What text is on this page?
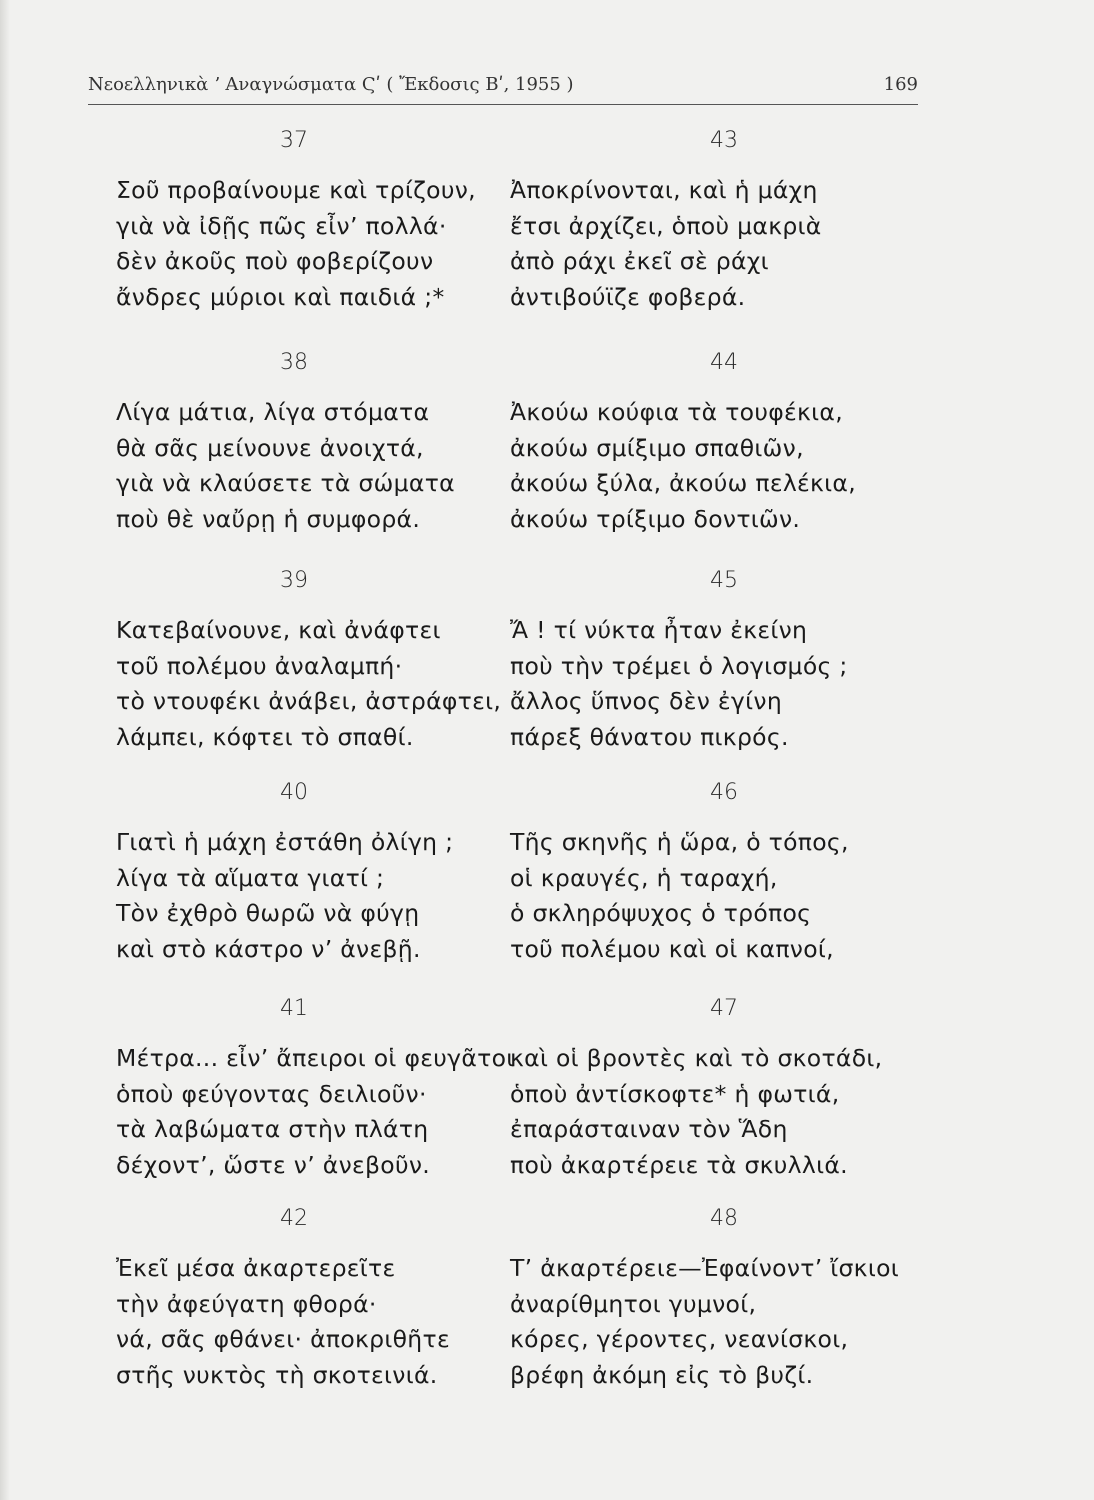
Νεοελληνικὰ ʼ Αναγνώσματα Ϛʹ ( Ἔκδοσις Βʹ, 1955 )	169
37
Σοῦ προβαίνουμε καὶ τρίζουν,
γιὰ νὰ ἰδῇς πῶς εἶν’ πολλά·
δὲν ἀκοῦς ποὺ φοβερίζουν
ἄνδρες μύριοι καὶ παιδιά ;*
38
Λίγα μάτια, λίγα στόματα
θὰ σᾶς μείνουνε ἀνοιχτά,
γιὰ νὰ κλαύσετε τὰ σώματα
ποὺ θὲ ναὔρῃ ἡ συμφορά.
39
Κατεβαίνουνε, καὶ ἀνάφτει
τοῦ πολέμου ἀναλαμπή·
τὸ ντουφέκι ἀνάβει, ἀστράφτει,
λάμπει, κόφτει τὸ σπαθί.
40
Γιατὶ ἡ μάχη ἐστάθη ὀλίγη ;
λίγα τὰ αἵματα γιατί ;
Τὸν ἐχθρὸ θωρῶ νὰ φύγῃ
καὶ στὸ κάστρο ν’ ἀνεβῇ.
41
Μέτρα... εἶν’ ἄπειροι οἱ φευγᾶτοι
ὁποὺ φεύγοντας δειλιοῦν·
τὰ λαβώματα στὴν πλάτη
δέχοντ’, ὥστε ν’ ἀνεβοῦν.
42
Ἐκεῖ μέσα ἀκαρτερεῖτε
τὴν ἀφεύγατη φθορά·
νά, σᾶς φθάνει· ἀποκριθῆτε
στῆς νυκτὸς τὴ σκοτεινιά.
43
Ἀποκρίνονται, καὶ ἡ μάχη
ἔτσι ἀρχίζει, ὁποὺ μακριὰ
ἀπὸ ράχι ἐκεῖ σὲ ράχι
ἀντιβούϊζε φοβερά.
44
Ἀκούω κούφια τὰ τουφέκια,
ἀκούω σμίξιμο σπαθιῶν,
ἀκούω ξύλα, ἀκούω πελέκια,
ἀκούω τρίξιμο δοντιῶν.
45
Ἄ ! τί νύκτα ἦταν ἐκείνη
ποὺ τὴν τρέμει ὁ λογισμός ;
ἄλλος ὕπνος δὲν ἐγίνη
πάρεξ θάνατου πικρός.
46
Τῆς σκηνῆς ἡ ὥρα, ὁ τόπος,
οἱ κραυγές, ἡ ταραχή,
ὁ σκληρόψυχος ὁ τρόπος
τοῦ πολέμου καὶ οἱ καπνοί,
47
καὶ οἱ βροντὲς καὶ τὸ σκοτάδι,
ὁποὺ ἀντίσκοφτε* ἡ φωτιά,
ἐπαράσταιναν τὸν Ἅδη
ποὺ ἀκαρτέρειε τὰ σκυλλιά.
48
Τ’ ἀκαρτέρειε—Ἐφαίνοντ’ ἴσκιοι
ἀναρίθμητοι γυμνοί,
κόρες, γέροντες, νεανίσκοι,
βρέφη ἀκόμη εἰς τὸ βυζί.
